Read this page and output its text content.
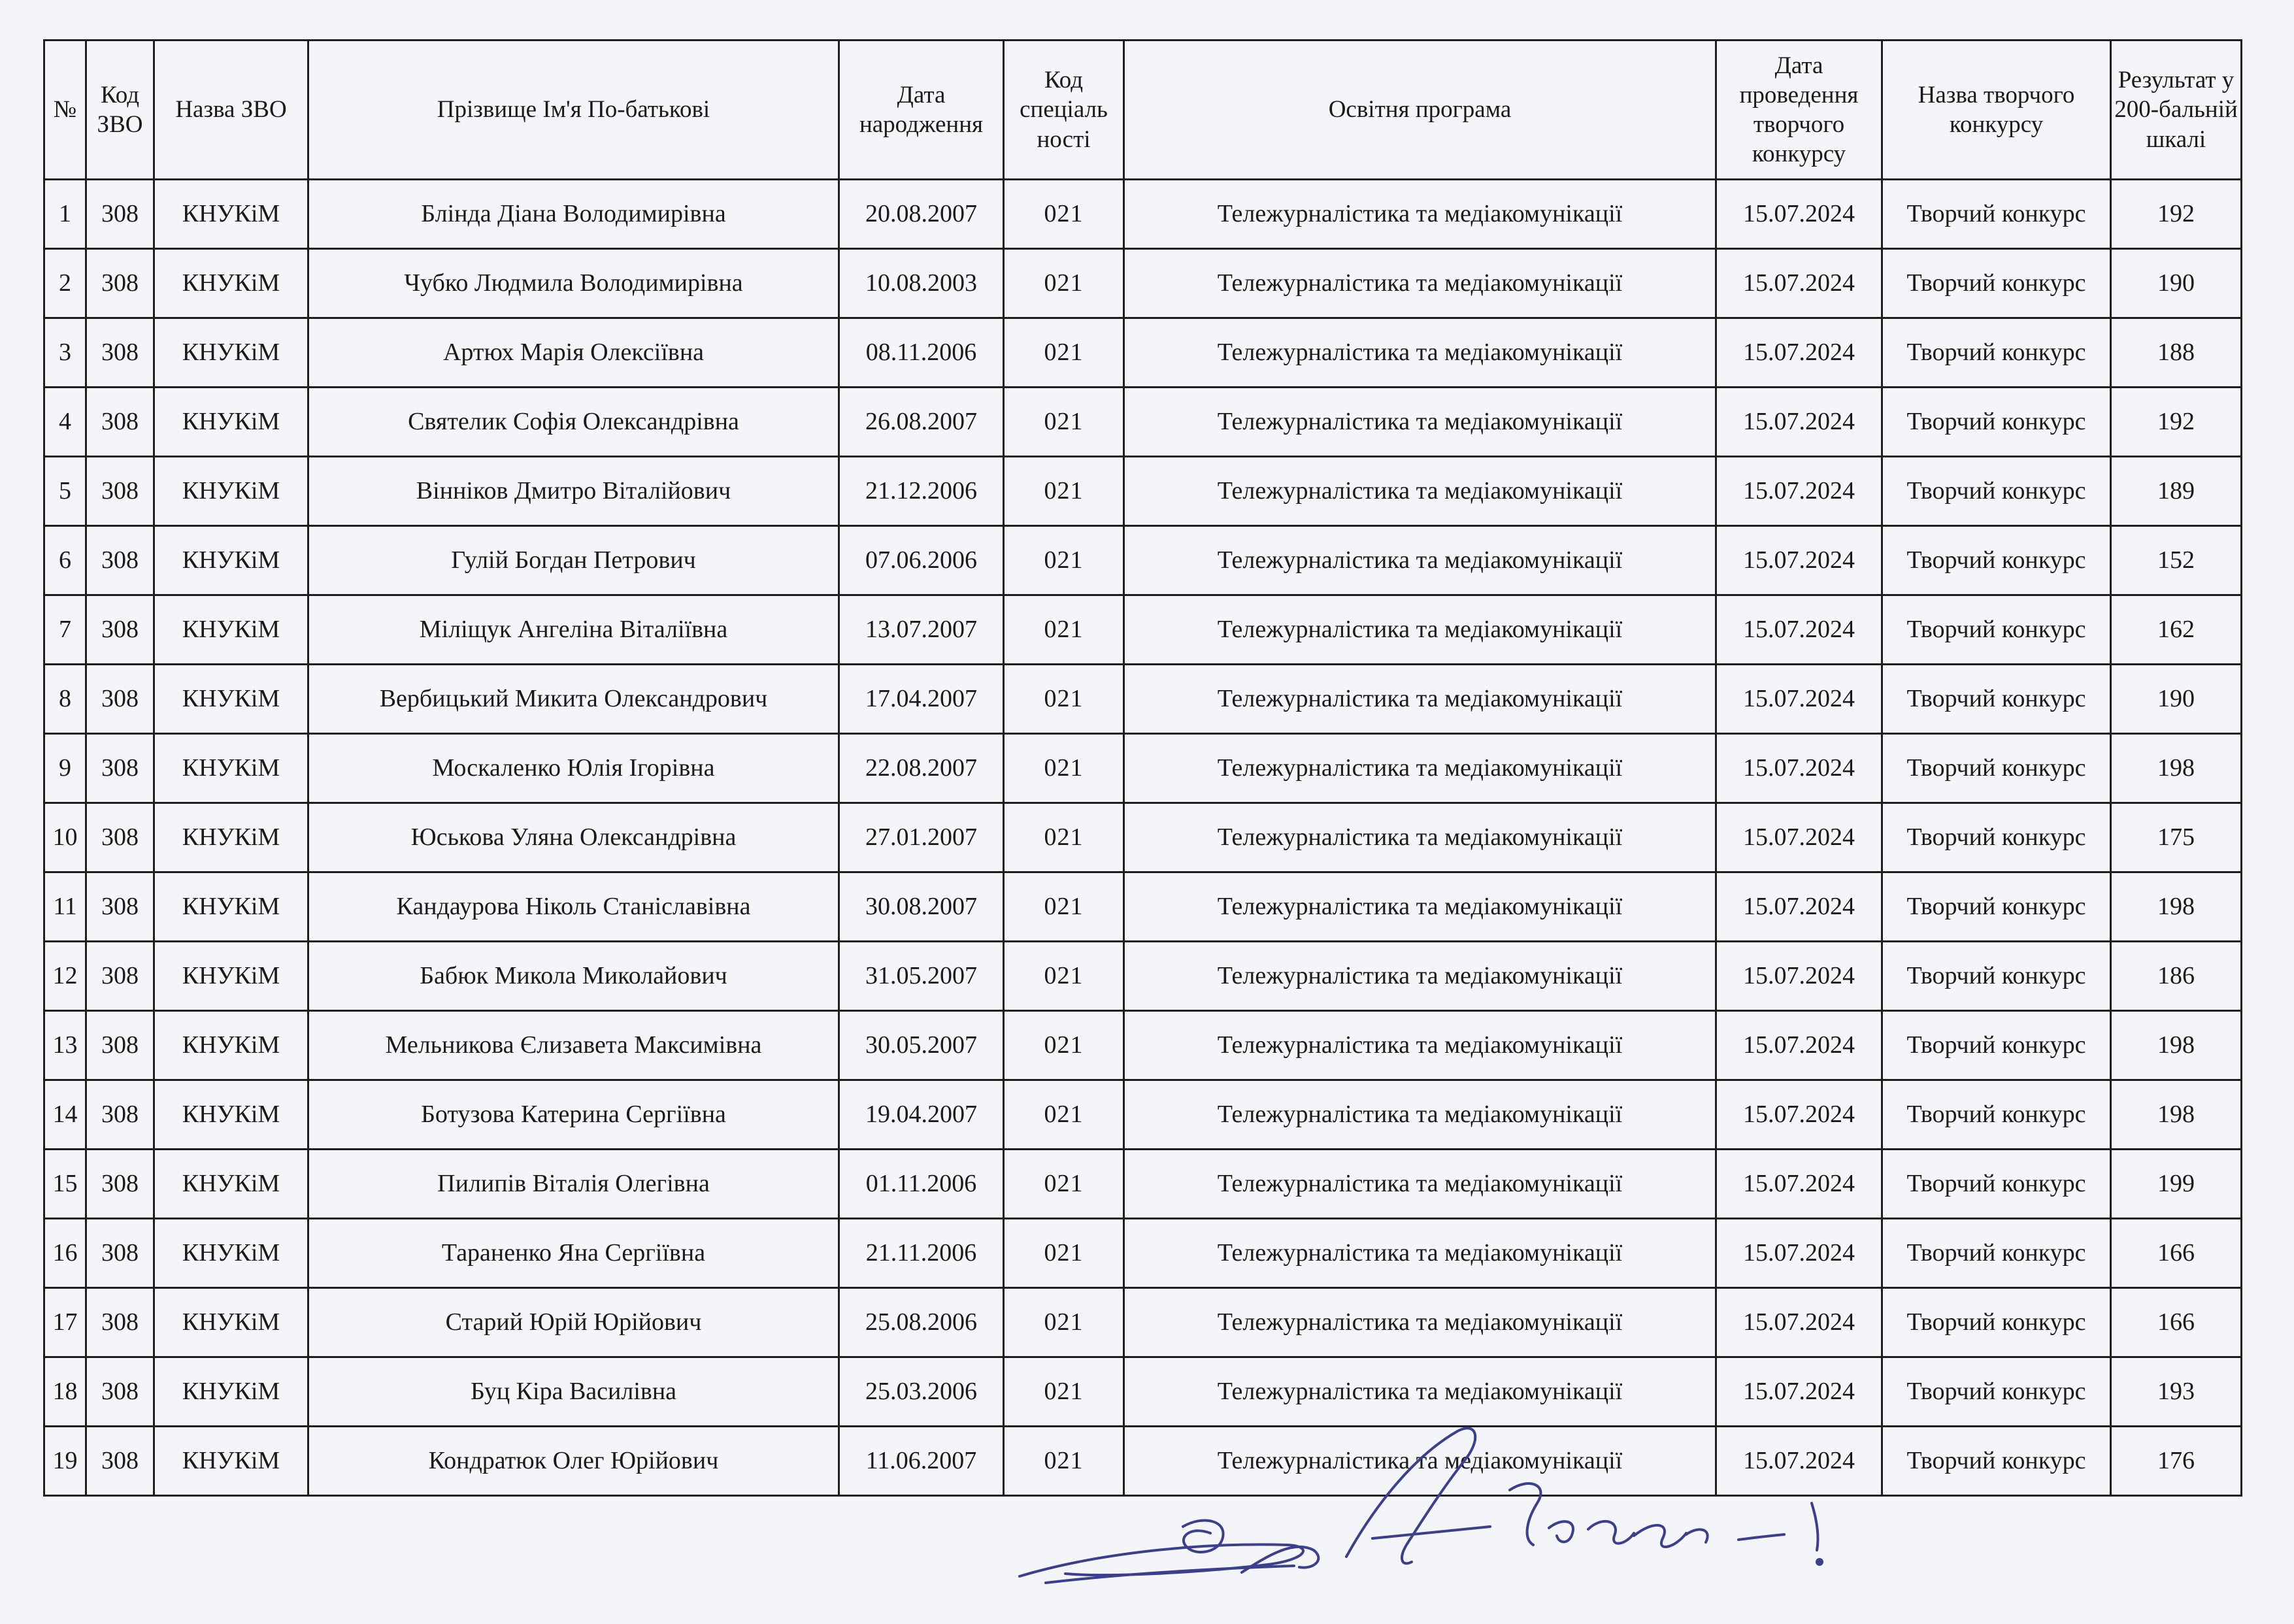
№	Код ЗВО	Назва ЗВО	Прізвище Ім'я По-батькові	Дата народження	Код спеціаль ності	Освітня програма	Дата проведення творчого конкурсу	Назва творчого конкурсу	Результат у 200-бальній шкалі
1	308	КНУКіМ	Блінда Діана Володимирівна	20.08.2007	021	Тележурналістика та медіакомунікації	15.07.2024	Творчий конкурс	192
2	308	КНУКіМ	Чубко Людмила Володимирівна	10.08.2003	021	Тележурналістика та медіакомунікації	15.07.2024	Творчий конкурс	190
3	308	КНУКіМ	Артюх Марія Олексіївна	08.11.2006	021	Тележурналістика та медіакомунікації	15.07.2024	Творчий конкурс	188
4	308	КНУКіМ	Святелик Софія Олександрівна	26.08.2007	021	Тележурналістика та медіакомунікації	15.07.2024	Творчий конкурс	192
5	308	КНУКіМ	Вінніков Дмитро Віталійович	21.12.2006	021	Тележурналістика та медіакомунікації	15.07.2024	Творчий конкурс	189
6	308	КНУКіМ	Гулій Богдан Петрович	07.06.2006	021	Тележурналістика та медіакомунікації	15.07.2024	Творчий конкурс	152
7	308	КНУКіМ	Міліщук Ангеліна Віталіївна	13.07.2007	021	Тележурналістика та медіакомунікації	15.07.2024	Творчий конкурс	162
8	308	КНУКіМ	Вербицький Микита Олександрович	17.04.2007	021	Тележурналістика та медіакомунікації	15.07.2024	Творчий конкурс	190
9	308	КНУКіМ	Москаленко Юлія Ігорівна	22.08.2007	021	Тележурналістика та медіакомунікації	15.07.2024	Творчий конкурс	198
10	308	КНУКіМ	Юськова Уляна Олександрівна	27.01.2007	021	Тележурналістика та медіакомунікації	15.07.2024	Творчий конкурс	175
11	308	КНУКіМ	Кандаурова Ніколь Станіславівна	30.08.2007	021	Тележурналістика та медіакомунікації	15.07.2024	Творчий конкурс	198
12	308	КНУКіМ	Бабюк Микола Миколайович	31.05.2007	021	Тележурналістика та медіакомунікації	15.07.2024	Творчий конкурс	186
13	308	КНУКіМ	Мельникова Єлизавета Максимівна	30.05.2007	021	Тележурналістика та медіакомунікації	15.07.2024	Творчий конкурс	198
14	308	КНУКіМ	Ботузова Катерина Сергіївна	19.04.2007	021	Тележурналістика та медіакомунікації	15.07.2024	Творчий конкурс	198
15	308	КНУКіМ	Пилипів Віталія Олегівна	01.11.2006	021	Тележурналістика та медіакомунікації	15.07.2024	Творчий конкурс	199
16	308	КНУКіМ	Тараненко Яна Сергіївна	21.11.2006	021	Тележурналістика та медіакомунікації	15.07.2024	Творчий конкурс	166
17	308	КНУКіМ	Старий Юрій Юрійович	25.08.2006	021	Тележурналістика та медіакомунікації	15.07.2024	Творчий конкурс	166
18	308	КНУКіМ	Буц Кіра Василівна	25.03.2006	021	Тележурналістика та медіакомунікації	15.07.2024	Творчий конкурс	193
19	308	КНУКіМ	Кондратюк Олег Юрійович	11.06.2007	021	Тележурналістика та медіакомунікації	15.07.2024	Творчий конкурс	176
